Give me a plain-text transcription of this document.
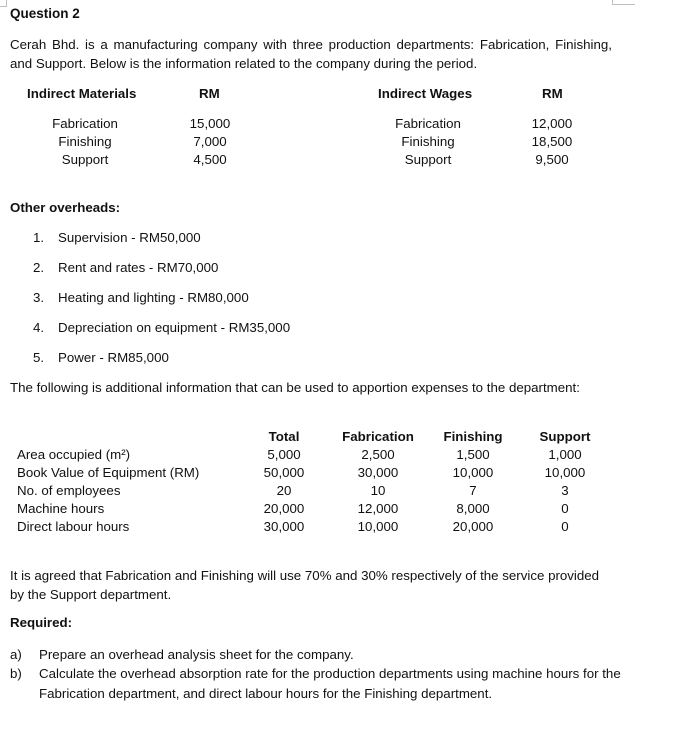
Question 2
Cerah Bhd. is a manufacturing company with three production departments: Fabrication, Finishing, and Support. Below is the information related to the company during the period.
Indirect Materials	RM
Fabrication
Finishing
Support
15,000
7,000
4,500
Indirect Wages	RM
Fabrication
Finishing
Support
12,000
18,500
9,500
Other overheads:
1. Supervision - RM50,000
2. Rent and rates - RM70,000
3. Heating and lighting - RM80,000
4. Depreciation on equipment - RM35,000
5. Power - RM85,000
The following is additional information that can be used to apportion expenses to the department:
Area occupied (m²)
Book Value of Equipment (RM)
No. of employees
Machine hours
Direct labour hours
Total
5,000
50,000
20
20,000
30,000
Fabrication
2,500
30,000
10
12,000
10,000
Finishing
1,500
10,000
7
8,000
20,000
Support
1,000
10,000
3
0
0
It is agreed that Fabrication and Finishing will use 70% and 30% respectively of the service provided by the Support department.
Required:
a) Prepare an overhead analysis sheet for the company.
b) Calculate the overhead absorption rate for the production departments using machine hours for the Fabrication department, and direct labour hours for the Finishing department.
